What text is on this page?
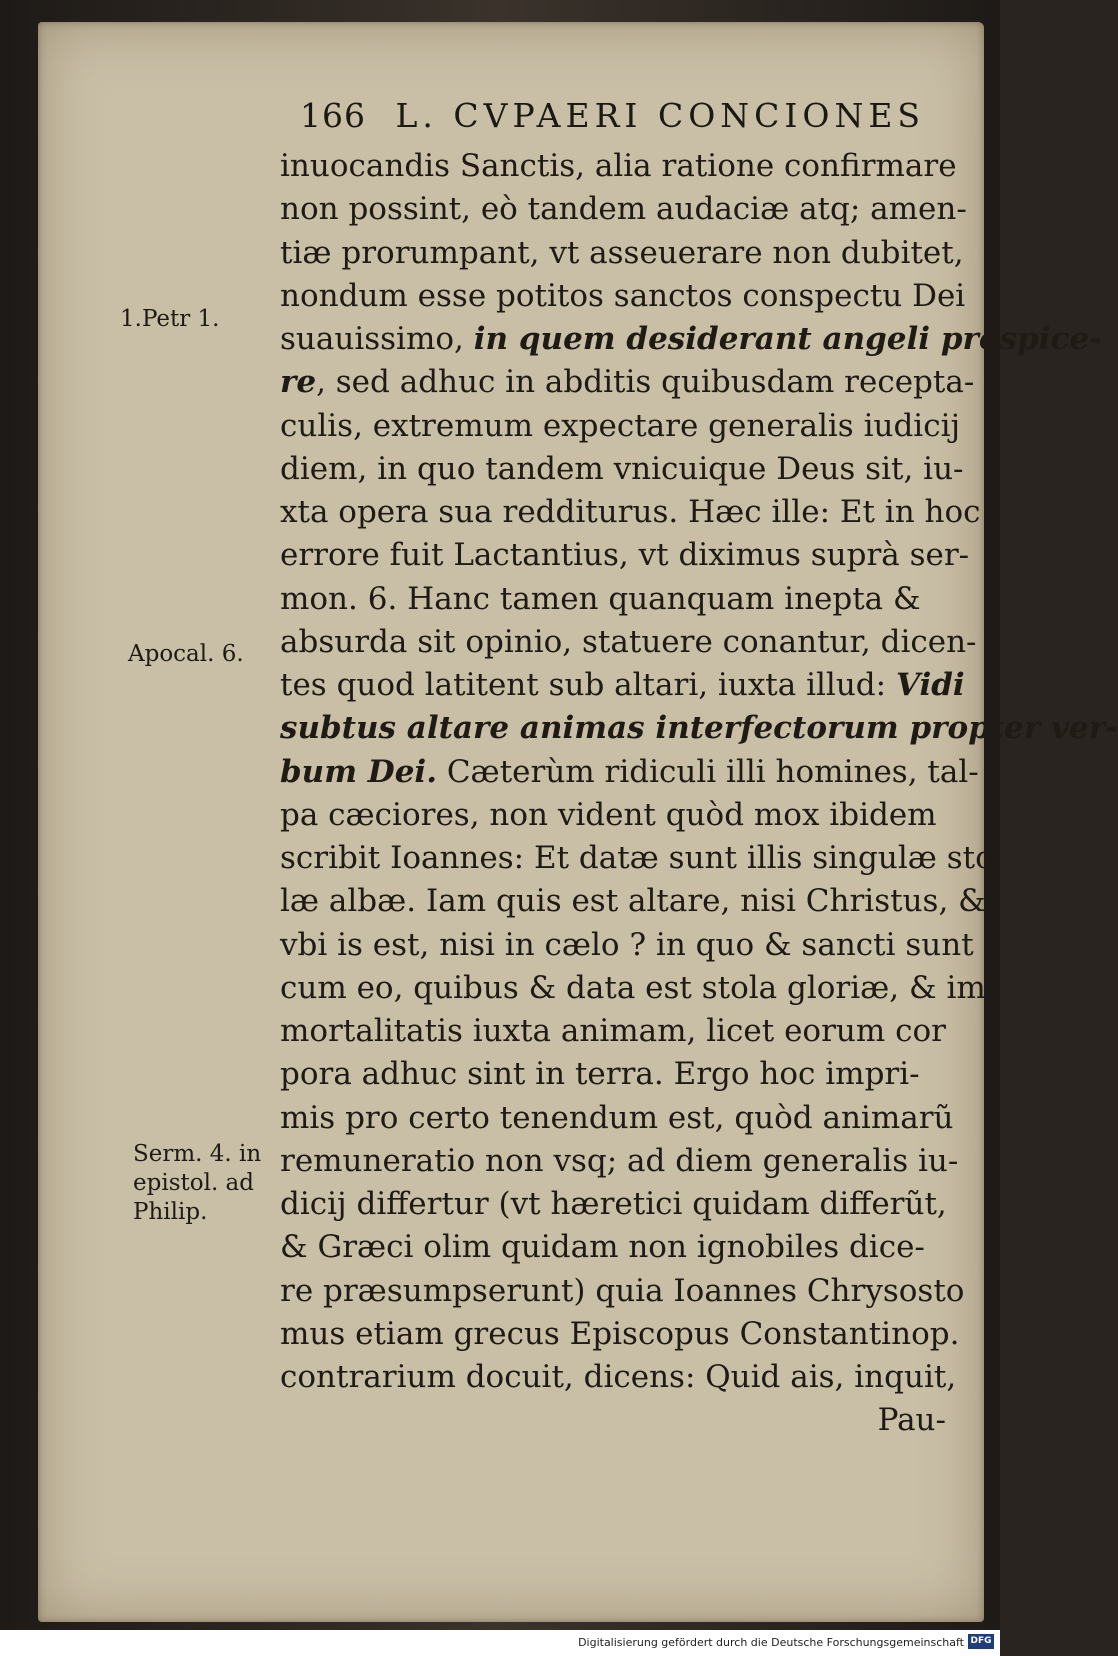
166 L. CVPAERI CONCIONES
inuocandis Sanctis, alia ratione confirmare
non possint, eò tandem audaciæ atq; amen-
tiæ prorumpant, vt asseuerare non dubitet,
nondum esse potitos sanctos conspectu Dei
suauissimo, in quem desiderant angeli prospice-
re, sed adhuc in abditis quibusdam recepta-
culis, extremum expectare generalis iudicij
diem, in quo tandem vnicuique Deus sit, iu-
xta opera sua redditurus. Hæc ille: Et in hoc
errore fuit Lactantius, vt diximus suprà ser-
mon. 6. Hanc tamen quanquam inepta &
absurda sit opinio, statuere conantur, dicen-
tes quod latitent sub altari, iuxta illud: Vidi
subtus altare animas interfectorum propter ver-
bum Dei. Cæterùm ridiculi illi homines, tal-
pa cæciores, non vident quòd mox ibidem
scribit Ioannes: Et datæ sunt illis singulæ sto
læ albæ. Iam quis est altare, nisi Christus, &
vbi is est, nisi in cælo ? in quo & sancti sunt
cum eo, quibus & data est stola gloriæ, & im
mortalitatis iuxta animam, licet eorum cor
pora adhuc sint in terra. Ergo hoc impri-
mis pro certo tenendum est, quòd animarũ
remuneratio non vsq; ad diem generalis iu-
dicij differtur (vt hæretici quidam differũt,
& Græci olim quidam non ignobiles dice-
re præsumpserunt) quia Ioannes Chrysosto
mus etiam grecus Episcopus Constantinop.
contrarium docuit, dicens: Quid ais, inquit,
Pau-
1.Petr 1.
Apocal. 6.
Serm. 4. in
epistol. ad
Philip.
Digitalisierung gefördert durch die Deutsche Forschungsgemeinschaft DFG
